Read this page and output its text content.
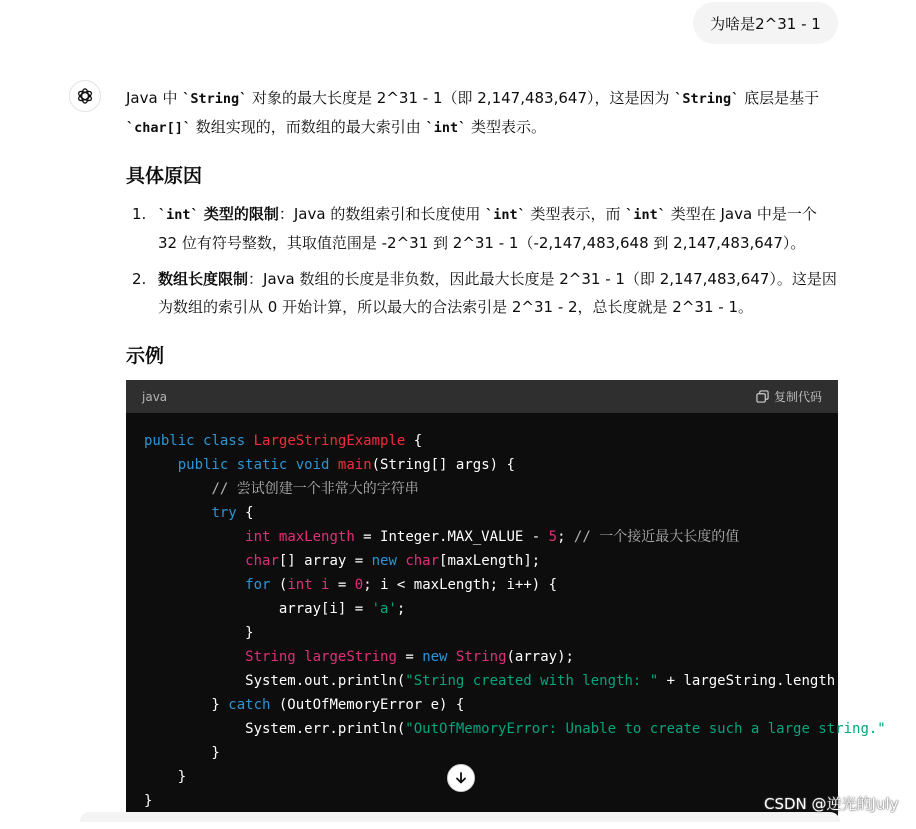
为啥是2^31 - 1

Java 中 `String` 对象的最大长度是 2^31 - 1（即 2,147,483,647），这是因为 `String` 底层是基于
`char[]` 数组实现的，而数组的最大索引由 `int` 类型表示。

具体原因
1. `int` 类型的限制：Java 的数组索引和长度使用 `int` 类型表示，而 `int` 类型在 Java 中是一个 32 位有符号整数，其取值范围是 -2^31 到 2^31 - 1（-2,147,483,648 到 2,147,483,647）。
2. 数组长度限制：Java 数组的长度是非负数，因此最大长度是 2^31 - 1（即 2,147,483,647）。这是因为数组的索引从 0 开始计算，所以最大的合法索引是 2^31 - 2，总长度就是 2^31 - 1。
示例
java	复制代码
public class LargeStringExample {
public static void main(String[] args) {
// 尝试创建一个非常大的字符串
try {
int maxLength = Integer.MAX_VALUE - 5; // 一个接近最大长度的值
char[] array = new char[maxLength];
for (int i = 0; i < maxLength; i++) {
array[i] = 'a';
}
String largeString = new String(array);
System.out.println("String created with length: " + largeString.length());
} catch (OutOfMemoryError e) {
System.err.println("OutOfMemoryError: Unable to create such a large string.");
}
}
}	CSDN @逆光的July
